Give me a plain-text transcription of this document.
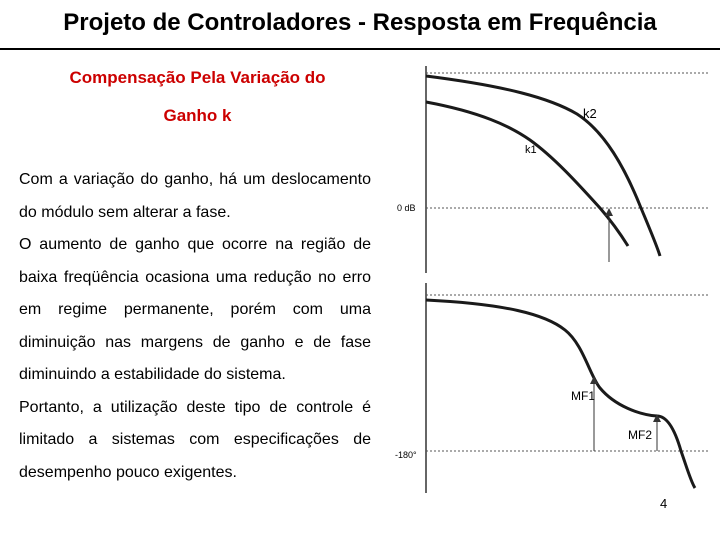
Projeto de Controladores - Resposta em Frequência
Compensação Pela Variação do
Ganho k

Com a variação do ganho, há um deslocamento do módulo sem alterar a fase.

O aumento de ganho que ocorre na região de baixa freqüência ocasiona uma redução no erro em regime permanente, porém com uma diminuição nas margens de ganho e de fase diminuindo a estabilidade do sistema.

Portanto, a utilização deste tipo de controle é limitado a sistemas com especificações de desempenho pouco exigentes.

k2
k1
0 dB
MF1
MF2
-180°
4
